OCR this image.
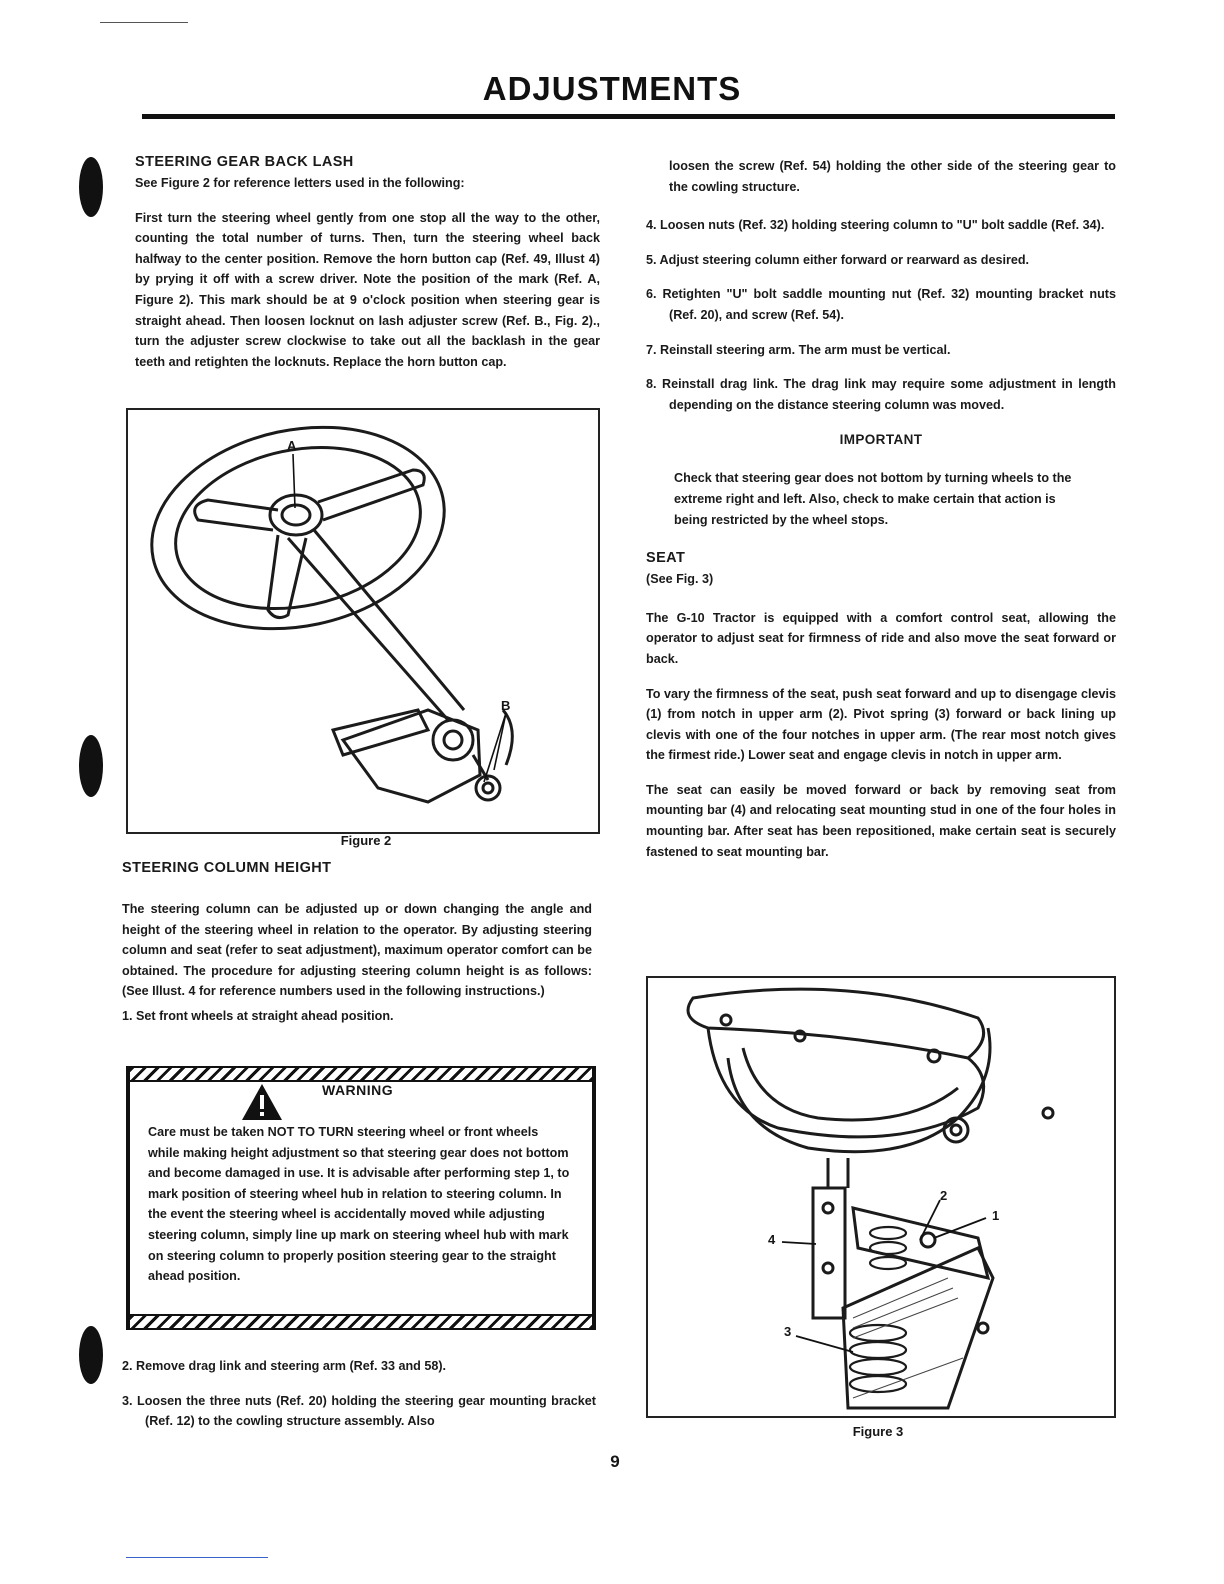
ADJUSTMENTS

STEERING GEAR BACK LASH

See Figure 2 for reference letters used in the following:

First turn the steering wheel gently from one stop all the way to the other, counting the total number of turns. Then, turn the steering wheel back halfway to the center position. Remove the horn button cap (Ref. 49, Illust 4) by prying it off with a screw driver. Note the position of the mark (Ref. A, Figure 2). This mark should be at 9 o'clock position when steering gear is straight ahead. Then loosen locknut on lash adjuster screw (Ref. B., Fig. 2)., turn the adjuster screw clockwise to take out all the backlash in the gear teeth and retighten the locknuts. Replace the horn button cap.

A
B
Figure 2

STEERING COLUMN HEIGHT

The steering column can be adjusted up or down changing the angle and height of the steering wheel in relation to the operator. By adjusting steering column and seat (refer to seat adjustment), maximum operator comfort can be obtained. The procedure for adjusting steering column height is as follows: (See Illust. 4 for reference numbers used in the following instructions.)

1. Set front wheels at straight ahead position.

WARNING
Care must be taken NOT TO TURN steering wheel or front wheels while making height adjustment so that steering gear does not bottom and become damaged in use. It is advisable after performing step 1, to mark position of steering wheel hub in relation to steering column. In the event the steering wheel is accidentally moved while adjusting steering column, simply line up mark on steering wheel hub with mark on steering column to properly position steering gear to the straight ahead position.

2. Remove drag link and steering arm (Ref. 33 and 58).

3. Loosen the three nuts (Ref. 20) holding the steering gear mounting bracket (Ref. 12) to the cowling structure assembly. Also

loosen the screw (Ref. 54) holding the other side of the steering gear to the cowling structure.

4. Loosen nuts (Ref. 32) holding steering column to "U" bolt saddle (Ref. 34).

5. Adjust steering column either forward or rearward as desired.

6. Retighten "U" bolt saddle mounting nut (Ref. 32) mounting bracket nuts (Ref. 20), and screw (Ref. 54).

7. Reinstall steering arm. The arm must be vertical.

8. Reinstall drag link. The drag link may require some adjustment in length depending on the distance steering column was moved.

IMPORTANT

Check that steering gear does not bottom by turning wheels to the extreme right and left. Also, check to make certain that action is being restricted by the wheel stops.

SEAT

(See Fig. 3)

The G-10 Tractor is equipped with a comfort control seat, allowing the operator to adjust seat for firmness of ride and also move the seat forward or back.

To vary the firmness of the seat, push seat forward and up to disengage clevis (1) from notch in upper arm (2). Pivot spring (3) forward or back lining up clevis with one of the four notches in upper arm. (The rear most notch gives the firmest ride.) Lower seat and engage clevis in notch in upper arm.

The seat can easily be moved forward or back by removing seat from mounting bar (4) and relocating seat mounting stud in one of the four holes in mounting bar. After seat has been repositioned, make certain seat is securely fastened to seat mounting bar.

2
1
4
3
Figure 3
9
